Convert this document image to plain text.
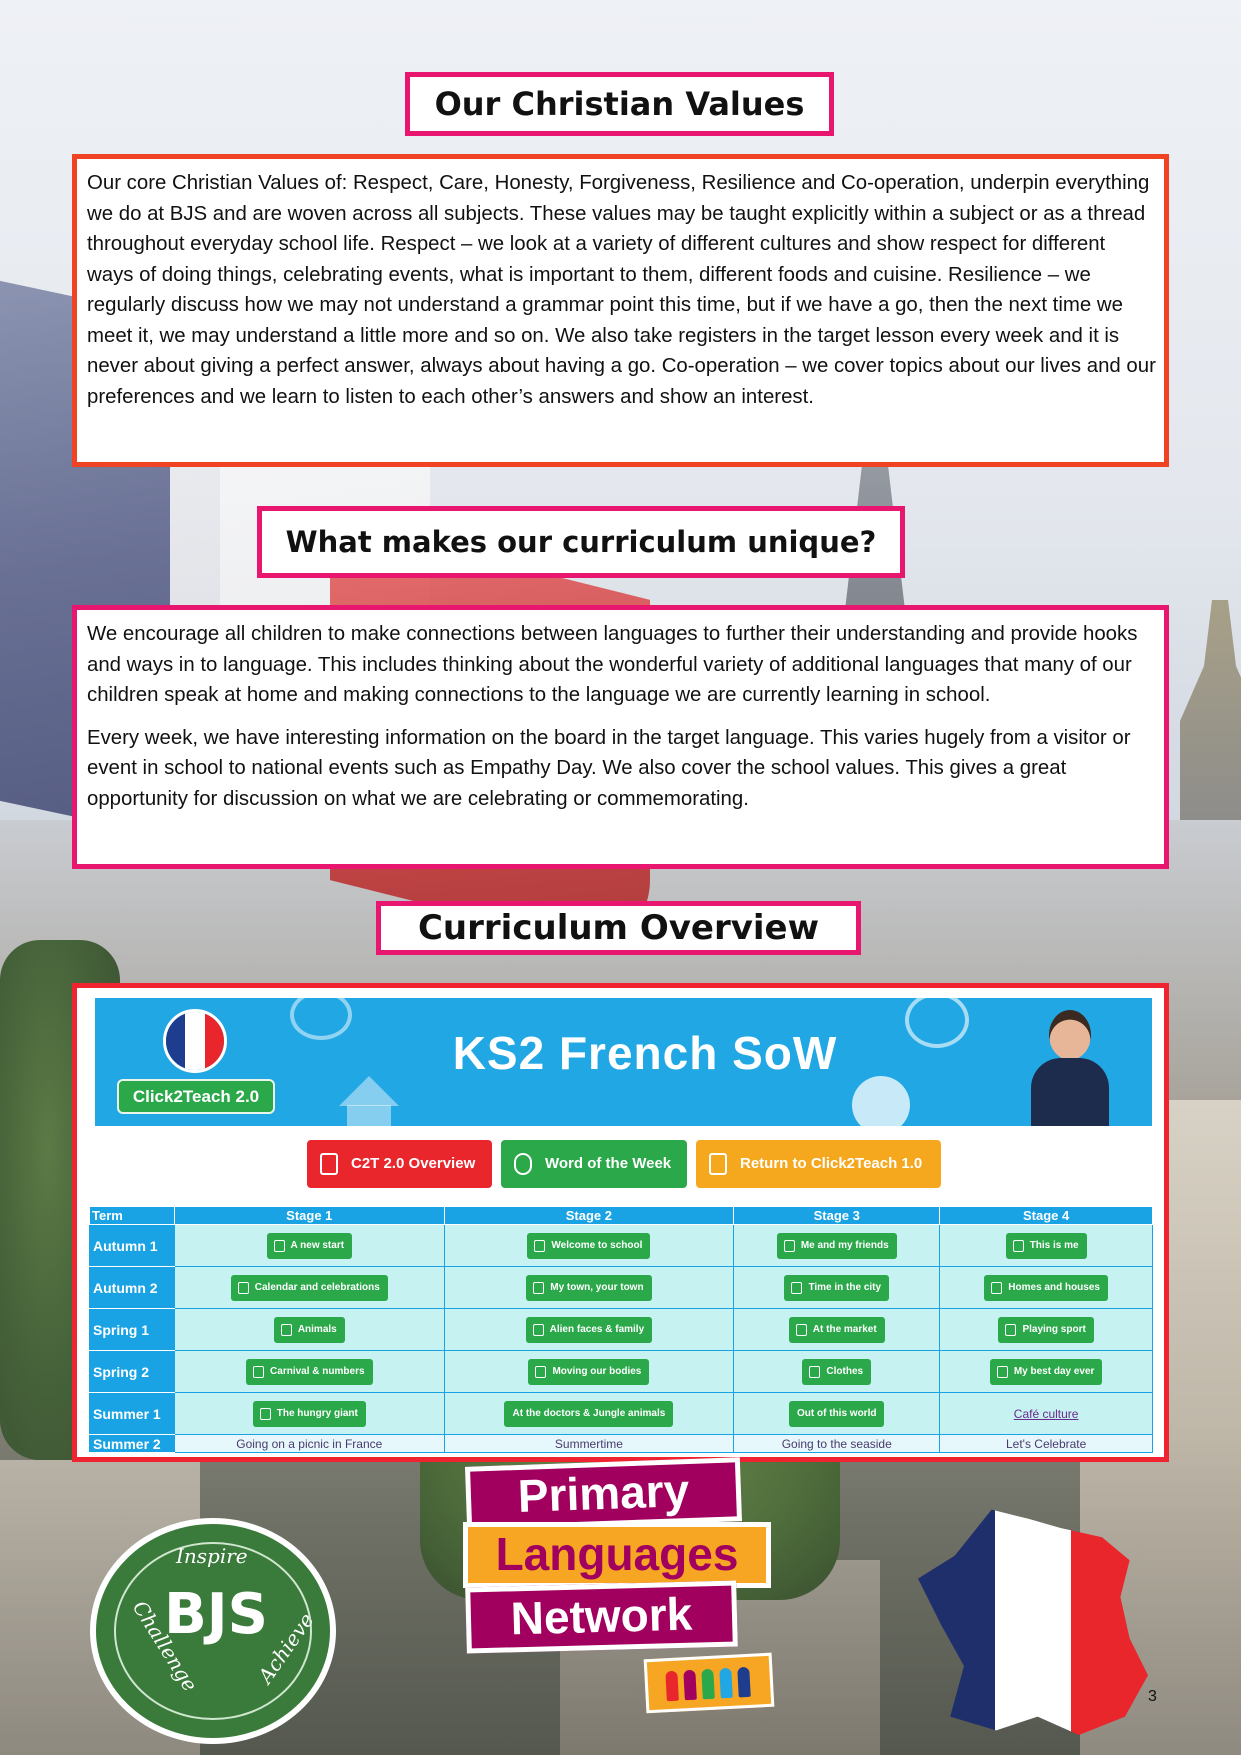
Our Christian Values

Our core Christian Values of: Respect, Care, Honesty, Forgiveness, Resilience and Co-operation, underpin everything we do at BJS and are woven across all subjects. These values may be taught explicitly within a subject or as a thread throughout everyday school life. Respect – we look at a variety of different cultures and show respect for different ways of doing things, celebrating events, what is important to them, different foods and cuisine. Resilience – we regularly discuss how we may not understand a grammar point this time, but if we have a go, then the next time we meet it, we may understand a little more and so on. We also take registers in the target lesson every week and it is never about giving a perfect answer, always about having a go. Co-operation – we cover topics about our lives and our preferences and we learn to listen to each other’s answers and show an interest.

What makes our curriculum unique?

We encourage all children to make connections between languages to further their understanding and provide hooks and ways in to language. This includes thinking about the wonderful variety of additional languages that many of our children speak at home and making connections to the language we are currently learning in school.

Every week, we have interesting information on the board in the target language. This varies hugely from a visitor or event in school to national events such as Empathy Day. We also cover the school values. This gives a great opportunity for discussion on what we are celebrating or commemorating.

Curriculum Overview
Click2Teach 2.0
KS2 French SoW
C2T 2.0 Overview	Word of the Week	Return to Click2Teach 1.0
Term	Stage 1	Stage 2	Stage 3	Stage 4
Autumn 1	A new start	Welcome to school	Me and my friends	This is me
Autumn 2	Calendar and celebrations	My town, your town	Time in the city	Homes and houses
Spring 1	Animals	Alien faces & family	At the market	Playing sport
Spring 2	Carnival & numbers	Moving our bodies	Clothes	My best day ever
Summer 1	The hungry giant	At the doctors & Jungle animals	Out of this world	Café culture
Summer 2	Going on a picnic in France	Summertime	Going to the seaside	Let's Celebrate
Primary
Languages
Network
Inspire
Challenge	Achieve
BJS
3
